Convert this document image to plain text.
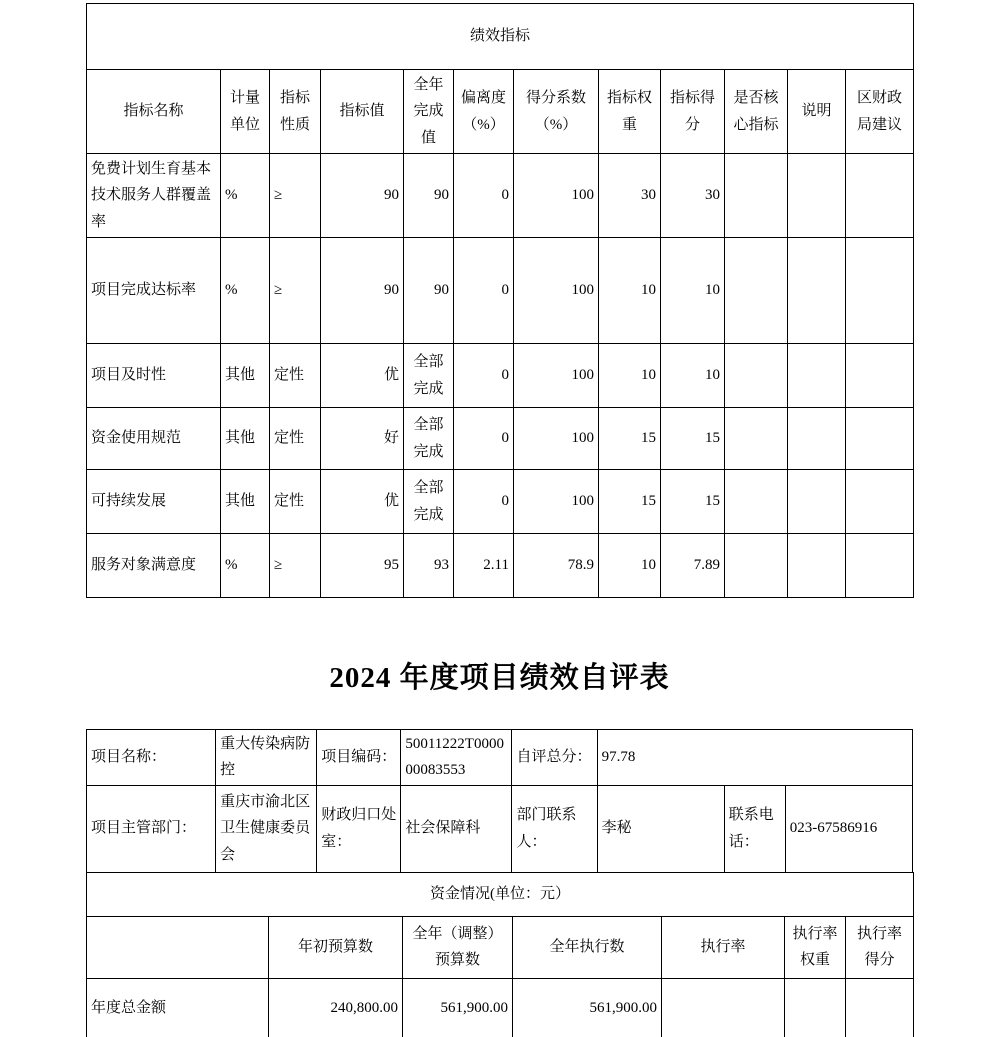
绩效指标											
指标名称	计量单位	指标性质	指标值	全年完成值	偏离度（%）	得分系数（%）	指标权重	指标得分	是否核心指标	说明	区财政局建议
免费计划生育基本技术服务人群覆盖率	%	≥	90	90	0	100	30	30			
项目完成达标率	%	≥	90	90	0	100	10	10			
项目及时性	其他	定性	优	全部完成	0	100	10	10			
资金使用规范	其他	定性	好	全部完成	0	100	15	15			
可持续发展	其他	定性	优	全部完成	0	100	15	15			
服务对象满意度	%	≥	95	93	2.11	78.9	10	7.89			
2024 年度项目绩效自评表
项目名称：	重大传染病防控	项目编码：	50011222T000000083553	自评总分：	97.78		
项目主管部门：	重庆市渝北区卫生健康委员会	财政归口处室：	社会保障科	部门联系人：	李秘	联系电话：	023-67586916
资金情况(单位：元）						
	年初预算数	全年（调整）预算数	全年执行数	执行率	执行率权重	执行率得分
年度总金额	240,800.00	561,900.00	561,900.00			
